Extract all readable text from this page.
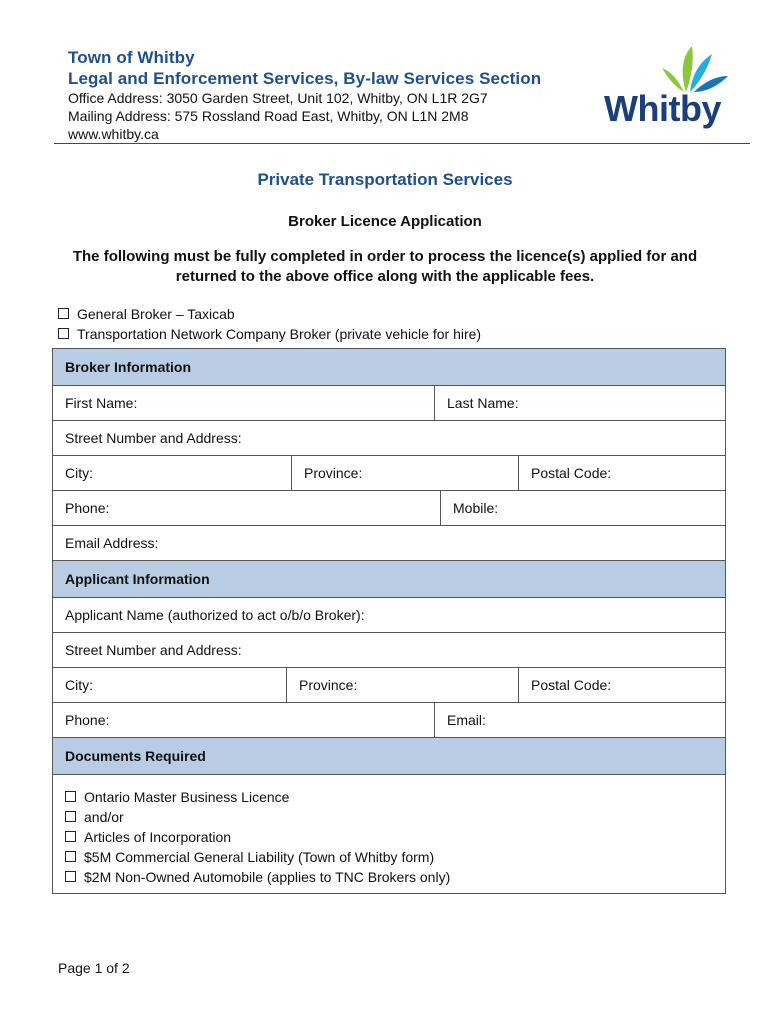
Town of Whitby
Legal and Enforcement Services, By-law Services Section
Office Address: 3050 Garden Street, Unit 102, Whitby, ON L1R 2G7
Mailing Address: 575 Rossland Road East, Whitby, ON L1N 2M8
www.whitby.ca
Whitby
Private Transportation Services
Broker Licence Application
The following must be fully completed in order to process the licence(s) applied for and returned to the above office along with the applicable fees.
General Broker – Taxicab
Transportation Network Company Broker (private vehicle for hire)
Broker Information					
First Name:			Last Name:		
Street Number and Address:					
City:		Province:			Postal Code:
Phone:				Mobile:	
Email Address:					
Applicant Information					
Applicant Name (authorized to act o/b/o Broker):					
Street Number and Address:					
City:	Province:				Postal Code:
Phone:			Email:		
Documents Required					

Ontario Master Business Licence
and/or
Articles of Incorporation
$5M Commercial General Liability (Town of Whitby form)
$2M Non-Owned Automobile (applies to TNC Brokers only)					
Page 1 of 2
